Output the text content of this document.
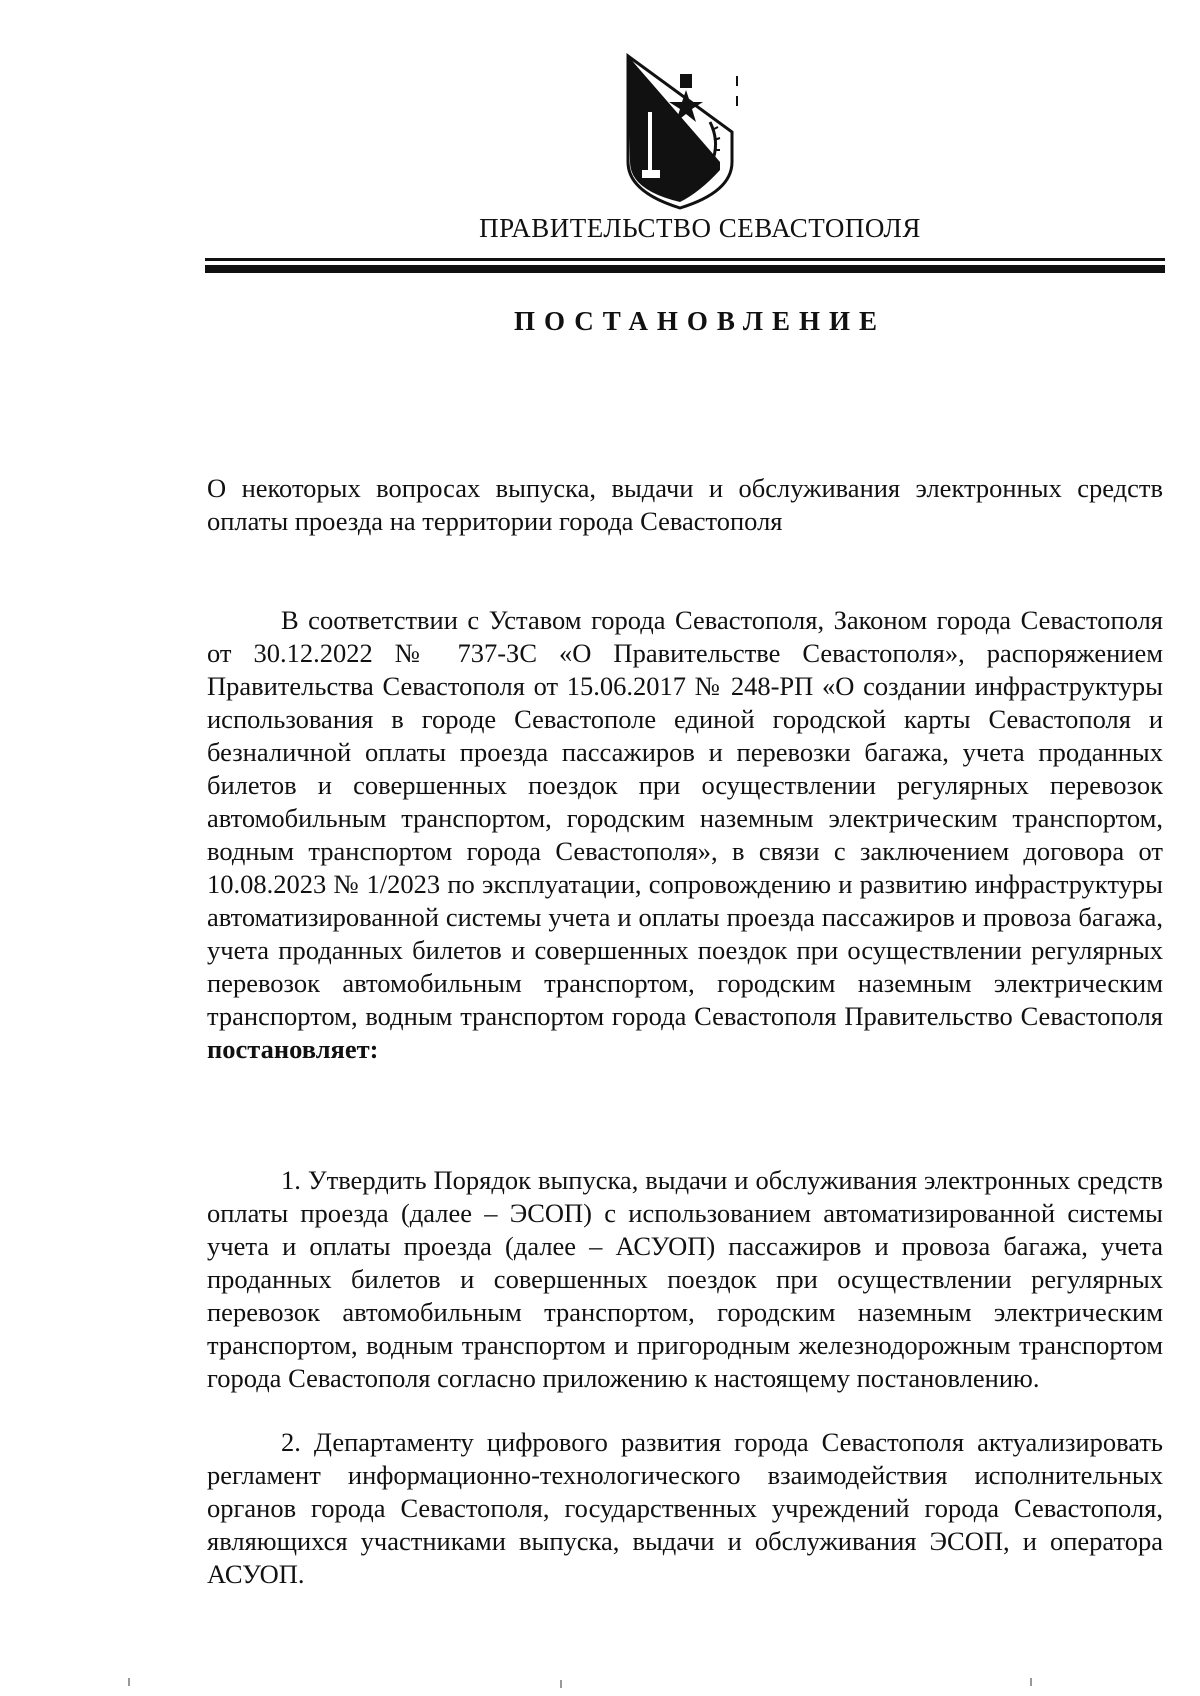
ПРАВИТЕЛЬСТВО СЕВАСТОПОЛЯ
ПОСТАНОВЛЕНИЕ
О некоторых вопросах выпуска, выдачи и обслуживания электронных средств оплаты проезда на территории города Севастополя

В соответствии с Уставом города Севастополя, Законом города Севастополя от 30.12.2022 № 737-ЗС «О Правительстве Севастополя», распоряжением Правительства Севастополя от 15.06.2017 № 248-РП «О создании инфраструктуры использования в городе Севастополе единой городской карты Севастополя и безналичной оплаты проезда пассажиров и перевозки багажа, учета проданных билетов и совершенных поездок при осуществлении регулярных перевозок автомобильным транспортом, городским наземным электрическим транспортом, водным транспортом города Севастополя», в связи с заключением договора от 10.08.2023 № 1/2023 по эксплуатации, сопровождению и развитию инфраструктуры автоматизированной системы учета и оплаты проезда пассажиров и провоза багажа, учета проданных билетов и совершенных поездок при осуществлении регулярных перевозок автомобильным транспортом, городским наземным электрическим транспортом, водным транспортом города Севастополя Правительство Севастополя постановляет:

1. Утвердить Порядок выпуска, выдачи и обслуживания электронных средств оплаты проезда (далее – ЭСОП) с использованием автоматизированной системы учета и оплаты проезда (далее – АСУОП) пассажиров и провоза багажа, учета проданных билетов и совершенных поездок при осуществлении регулярных перевозок автомобильным транспортом, городским наземным электрическим транспортом, водным транспортом и пригородным железнодорожным транспортом города Севастополя согласно приложению к настоящему постановлению.

2. Департаменту цифрового развития города Севастополя актуализировать регламент информационно-технологического взаимодействия исполнительных органов города Севастополя, государственных учреждений города Севастополя, являющихся участниками выпуска, выдачи и обслуживания ЭСОП, и оператора АСУОП.
